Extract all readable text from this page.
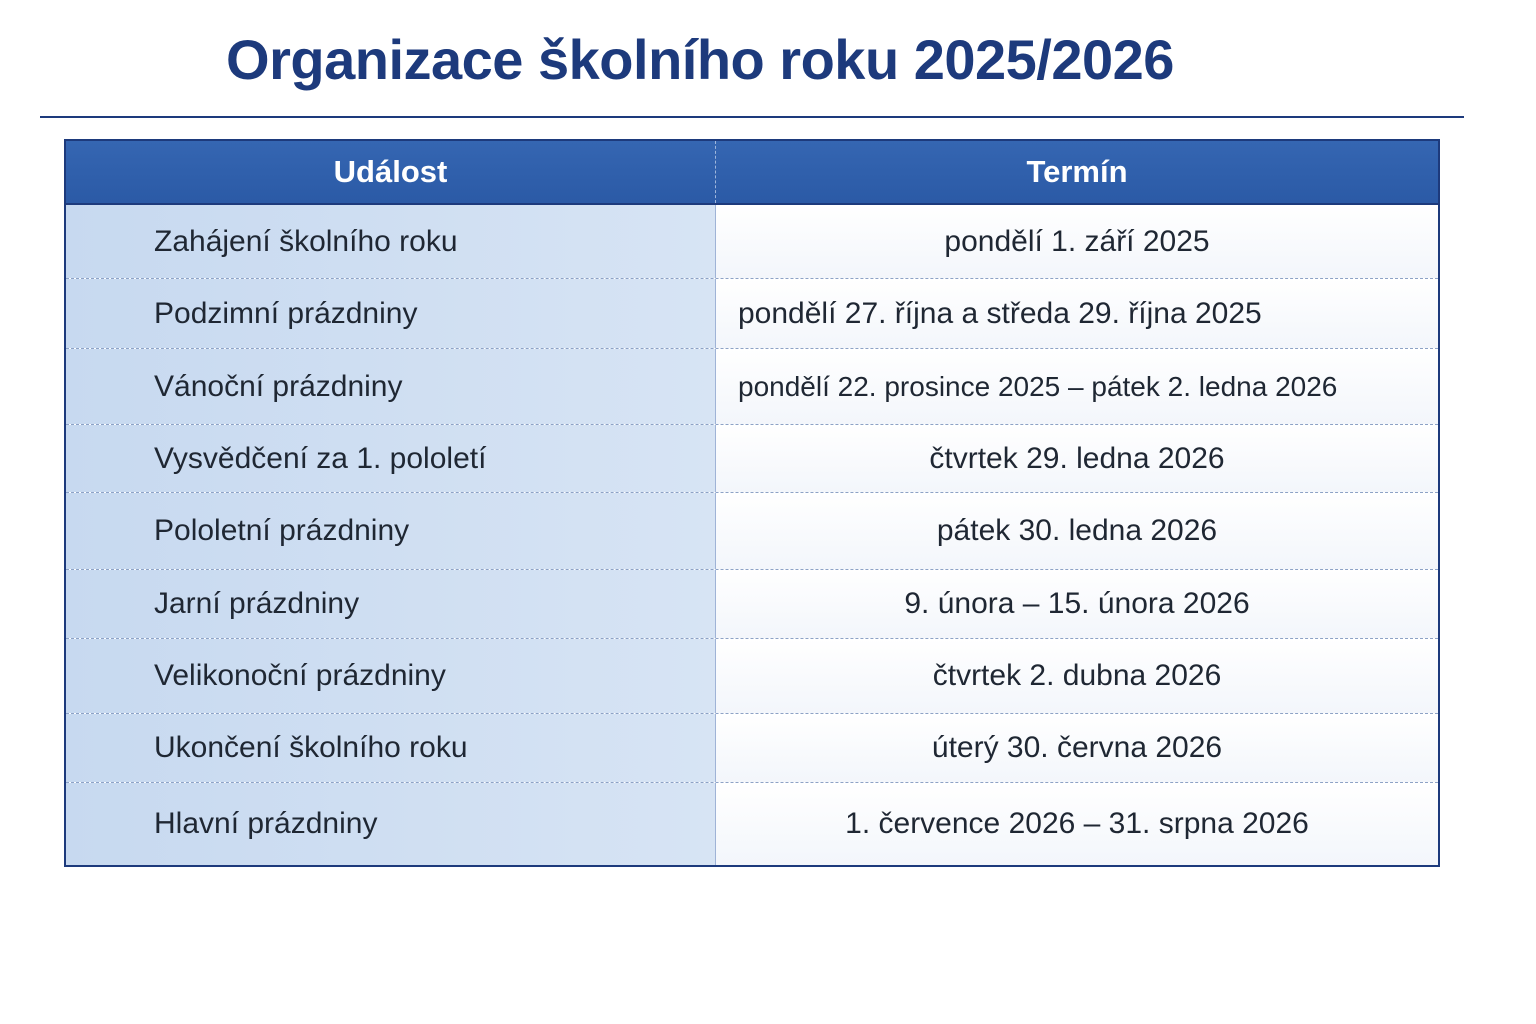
Organizace školního roku 2025/2026
Událost	Termín
Zahájení školního roku	pondělí 1. září 2025
Podzimní prázdniny	pondělí 27. října a středa 29. října 2025
Vánoční prázdniny	pondělí 22. prosince 2025 – pátek 2. ledna 2026
Vysvědčení za 1. pololetí	čtvrtek 29. ledna 2026
Pololetní prázdniny	pátek 30. ledna 2026
Jarní prázdniny	9. února – 15. února 2026
Velikonoční prázdniny	čtvrtek 2. dubna 2026
Ukončení školního roku	úterý 30. června 2026
Hlavní prázdniny	1. července 2026 – 31. srpna 2026
